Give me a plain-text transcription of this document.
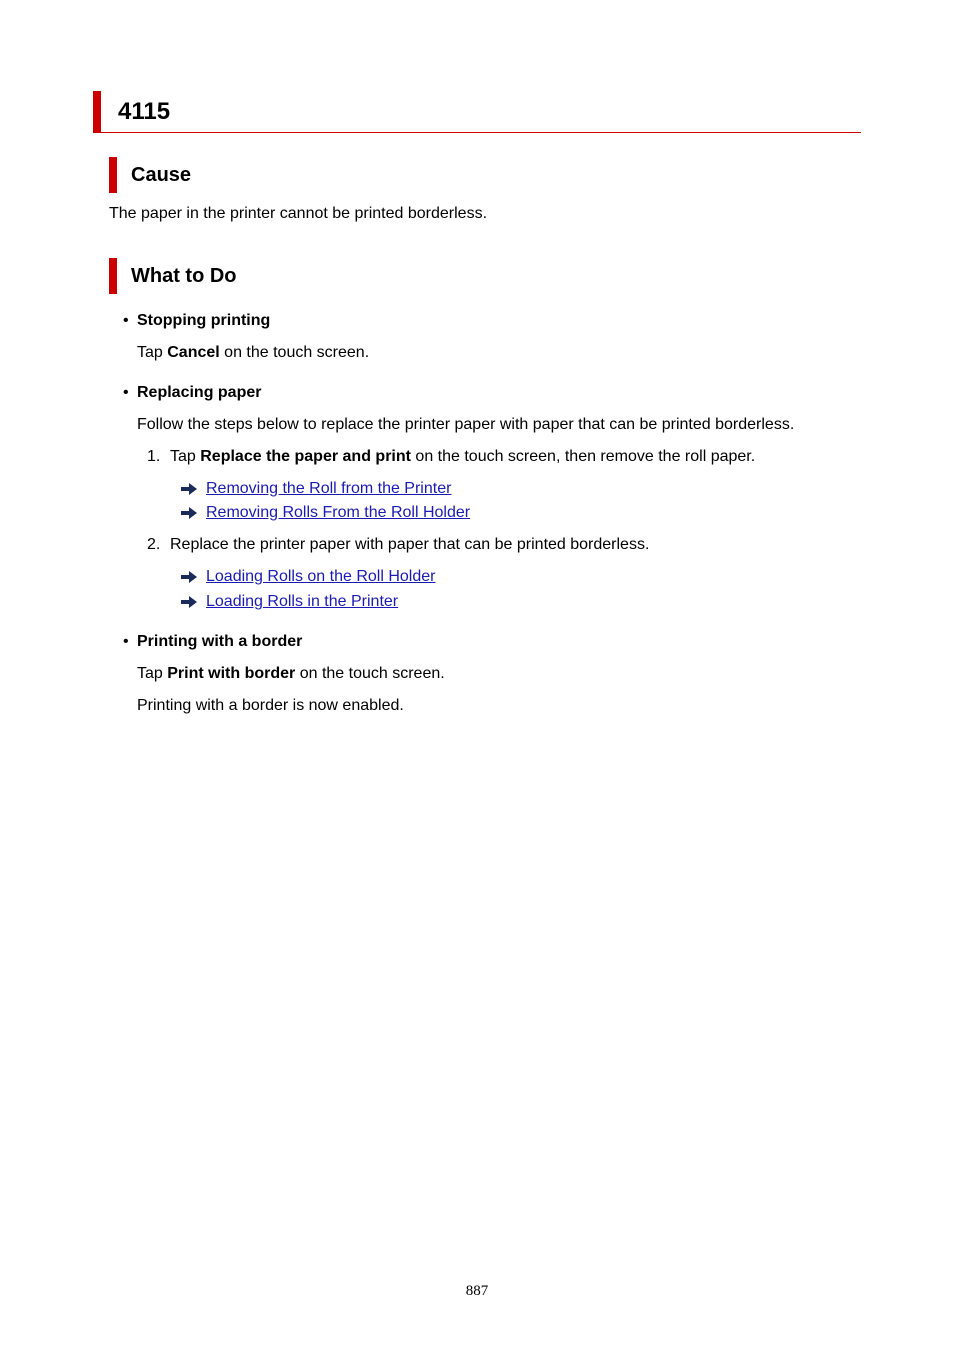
4115
Cause
The paper in the printer cannot be printed borderless.
What to Do
• Stopping printing
Tap Cancel on the touch screen.
• Replacing paper
Follow the steps below to replace the printer paper with paper that can be printed borderless.
1. Tap Replace the paper and print on the touch screen, then remove the roll paper.
Removing the Roll from the Printer
Removing Rolls From the Roll Holder
2. Replace the printer paper with paper that can be printed borderless.
Loading Rolls on the Roll Holder
Loading Rolls in the Printer
• Printing with a border
Tap Print with border on the touch screen.
Printing with a border is now enabled.
887
